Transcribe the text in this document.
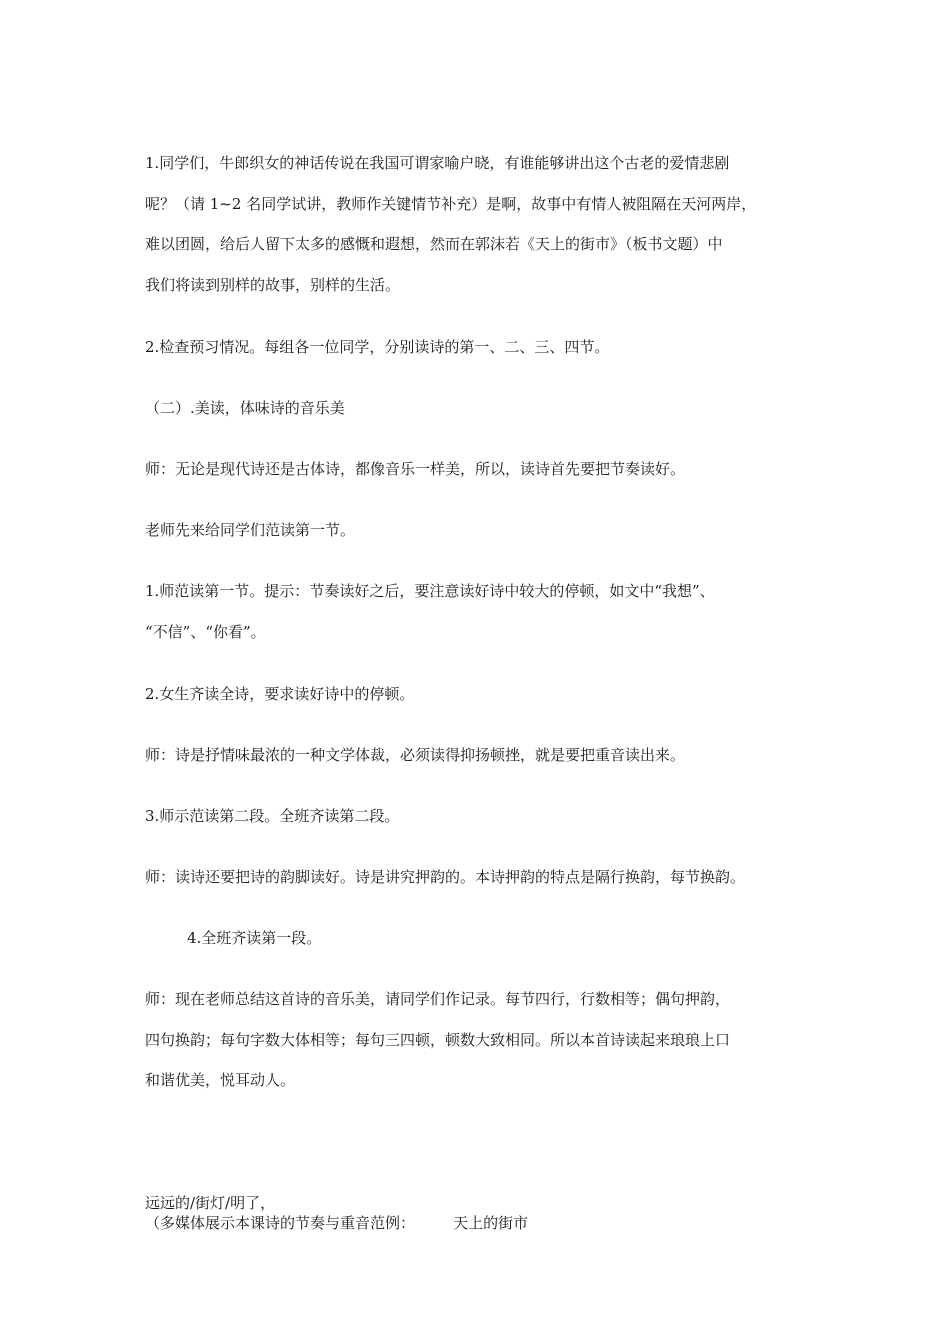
1.同学们，牛郎织女的神话传说在我国可谓家喻户晓，有谁能够讲出这个古老的爱情悲剧
呢？（请 1~2 名同学试讲，教师作关键情节补充）是啊，故事中有情人被阻隔在天河两岸，
难以团圆，给后人留下太多的感慨和遐想，然而在郭沫若《天上的街市》（板书文题）中
我们将读到别样的故事，别样的生活。

2.检查预习情况。每组各一位同学，分别读诗的第一、二、三、四节。

（二）.美读，体味诗的音乐美

师：无论是现代诗还是古体诗，都像音乐一样美，所以，读诗首先要把节奏读好。

老师先来给同学们范读第一节。

1.师范读第一节。提示：节奏读好之后，要注意读好诗中较大的停顿，如文中“我想”、
“不信”、“你看”。

2.女生齐读全诗，要求读好诗中的停顿。

师：诗是抒情味最浓的一种文学体裁，必须读得抑扬顿挫，就是要把重音读出来。

3.师示范读第二段。全班齐读第二段。

师：读诗还要把诗的韵脚读好。诗是讲究押韵的。本诗押韵的特点是隔行换韵，每节换韵。

4.全班齐读第一段。

师：现在老师总结这首诗的音乐美，请同学们作记录。每节四行，行数相等；偶句押韵，
四句换韵；每句字数大体相等；每句三四顿，顿数大致相同。所以本首诗读起来琅琅上口
和谐优美，悦耳动人。

（多媒体展示本课诗的节奏与重音范例：        天上的街市

远远的/街灯/明了，
